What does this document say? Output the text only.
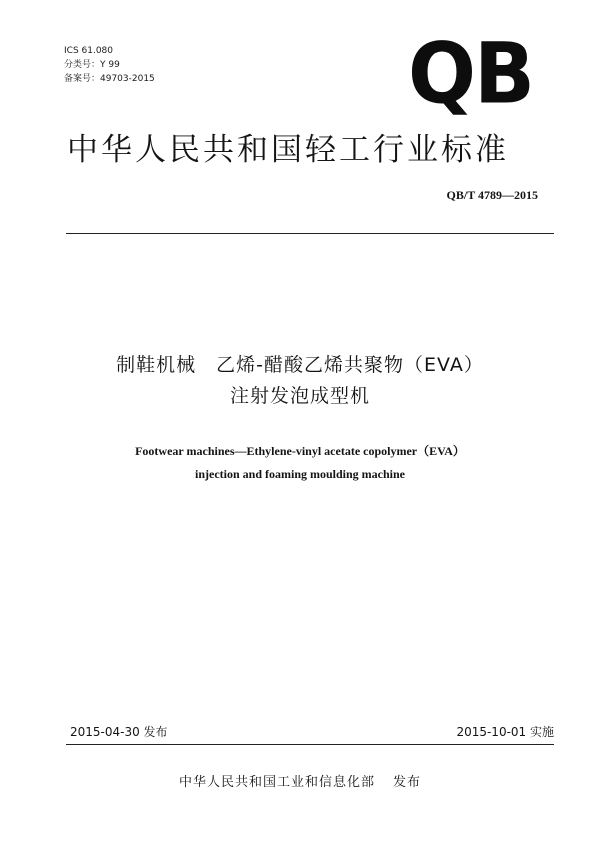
ICS 61.080
分类号：Y 99
备案号：49703-2015	QB
中华人民共和国轻工行业标准
QB/T 4789—2015
制鞋机械　乙烯-醋酸乙烯共聚物（EVA）
注射发泡成型机
Footwear machines—Ethylene-vinyl acetate copolymer（EVA）
injection and foaming moulding machine
2015-04-30 发布	2015-10-01 实施
中华人民共和国工业和信息化部 发布
